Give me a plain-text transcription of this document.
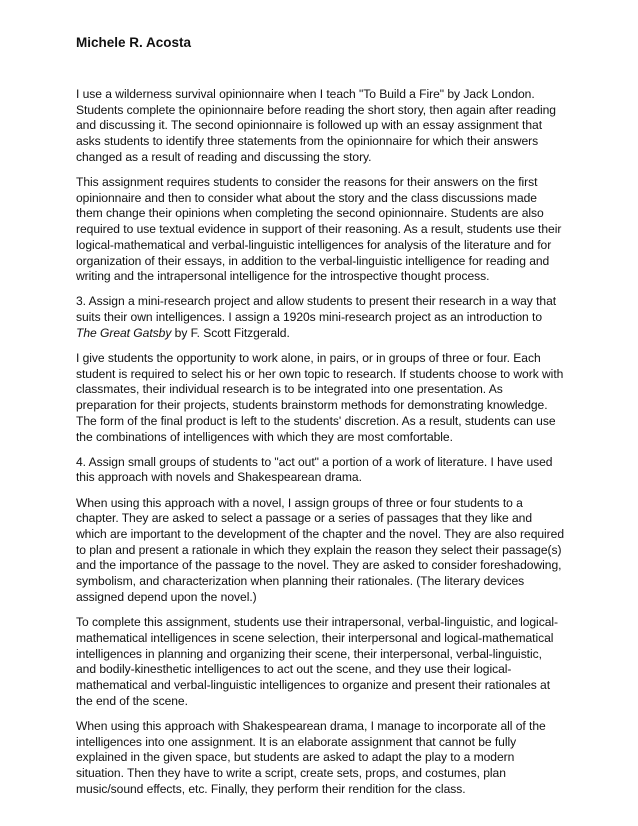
Michele R. Acosta

I use a wilderness survival opinionnaire when I teach "To Build a Fire" by Jack London. Students complete the opinionnaire before reading the short story, then again after reading and discussing it. The second opinionnaire is followed up with an essay assignment that asks students to identify three statements from the opinionnaire for which their answers changed as a result of reading and discussing the story.

This assignment requires students to consider the reasons for their answers on the first opinionnaire and then to consider what about the story and the class discussions made them change their opinions when completing the second opinionnaire. Students are also required to use textual evidence in support of their reasoning. As a result, students use their logical-mathematical and verbal-linguistic intelligences for analysis of the literature and for organization of their essays, in addition to the verbal-linguistic intelligence for reading and writing and the intrapersonal intelligence for the introspective thought process.

3. Assign a mini-research project and allow students to present their research in a way that suits their own intelligences. I assign a 1920s mini-research project as an introduction to The Great Gatsby by F. Scott Fitzgerald.

I give students the opportunity to work alone, in pairs, or in groups of three or four. Each student is required to select his or her own topic to research. If students choose to work with classmates, their individual research is to be integrated into one presentation. As preparation for their projects, students brainstorm methods for demonstrating knowledge. The form of the final product is left to the students' discretion. As a result, students can use the combinations of intelligences with which they are most comfortable.

4. Assign small groups of students to "act out" a portion of a work of literature. I have used this approach with novels and Shakespearean drama.

When using this approach with a novel, I assign groups of three or four students to a chapter. They are asked to select a passage or a series of passages that they like and which are important to the development of the chapter and the novel. They are also required to plan and present a rationale in which they explain the reason they select their passage(s) and the importance of the passage to the novel. They are asked to consider foreshadowing, symbolism, and characterization when planning their rationales. (The literary devices assigned depend upon the novel.)

To complete this assignment, students use their intrapersonal, verbal-linguistic, and logical-mathematical intelligences in scene selection, their interpersonal and logical-mathematical intelligences in planning and organizing their scene, their interpersonal, verbal-linguistic, and bodily-kinesthetic intelligences to act out the scene, and they use their logical-mathematical and verbal-linguistic intelligences to organize and present their rationales at the end of the scene.

When using this approach with Shakespearean drama, I manage to incorporate all of the intelligences into one assignment. It is an elaborate assignment that cannot be fully explained in the given space, but students are asked to adapt the play to a modern situation. Then they have to write a script, create sets, props, and costumes, plan music/sound effects, etc. Finally, they perform their rendition for the class.
